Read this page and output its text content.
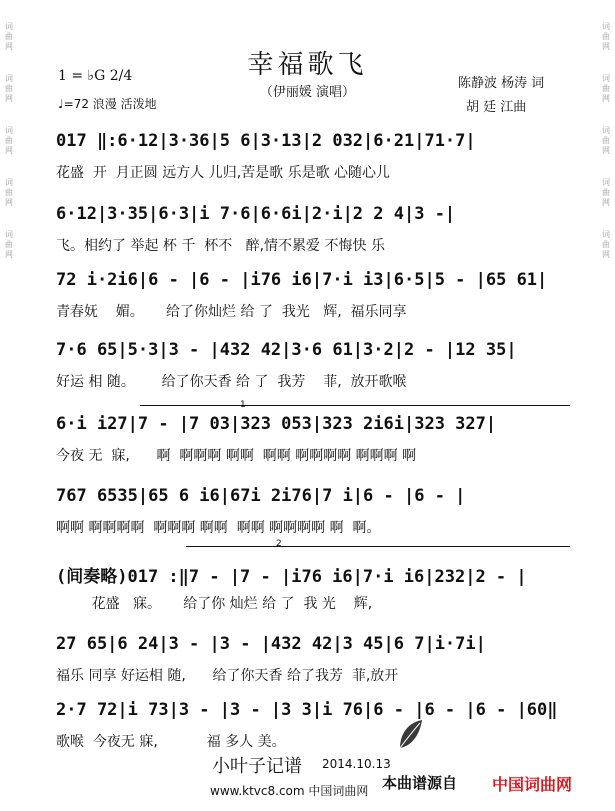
词
曲
网
词
曲
网
词
曲
网
词
曲
网
词
曲
网
词
曲
网
词
曲
网
词
曲
网
词
曲
网
词
曲
网
幸福歌飞
（伊丽媛 演唱）
1 = ♭G 2/4
♩=72 浪漫 活泼地
陈静波 杨涛 词
胡 廷 江曲
017 ‖:6·12|3·36|5 6|3·13|2 032|6·21|71·7|
花盛  开  月正圆 远方人 儿归,苦是歌 乐是歌 心随心儿
6·12|3·35|6·3|i 7·6|6·6i|2·i|2 2 4|3 -|
飞。相约了 举起 杯 千  杯不   醉,情不累爱 不悔快 乐
72 i·2i6|6 - |6 - |i76 i6|7·i i3|6·5|5 - |65 61|
青春妩    媚。     给了你灿烂 给 了  我光   辉,  福乐同享
7·6 65|5·3|3 - |432 42|3·6 61|3·2|2 - |12 35|
好运 相 随。      给了你天香 给 了  我芳    菲,  放开歌喉
6·i i27|7 - |7 03|323 053|323 2i6i|323 327|
今夜 无  寐,      啊  啊啊啊 啊啊  啊啊 啊啊啊啊 啊啊啊 啊
767 6535|65 6 i6|67i 2i76|7 i|6 - |6 - |
啊啊 啊啊啊啊  啊啊啊 啊啊  啊啊 啊啊啊啊 啊  啊。
(间奏略)017 :‖7 - |7 - |i76 i6|7·i i6|232|2 - |
花盛   寐。     给了你 灿烂 给 了  我 光    辉,
27 65|6 24|3 - |3 - |432 42|3 45|6 7|i·7i|
福乐 同享 好运相 随,      给了你天香 给了我芳  菲,放开
2·7 72|i 73|3 - |3 - |3 3|i 76|6 - |6 - |6 - |60‖
歌喉  今夜无 寐,           福 多人 美。
1
2
小叶子记谱 2014.10.13
www.ktvc8.com 中国词曲网 本曲谱源自 中国词曲网
